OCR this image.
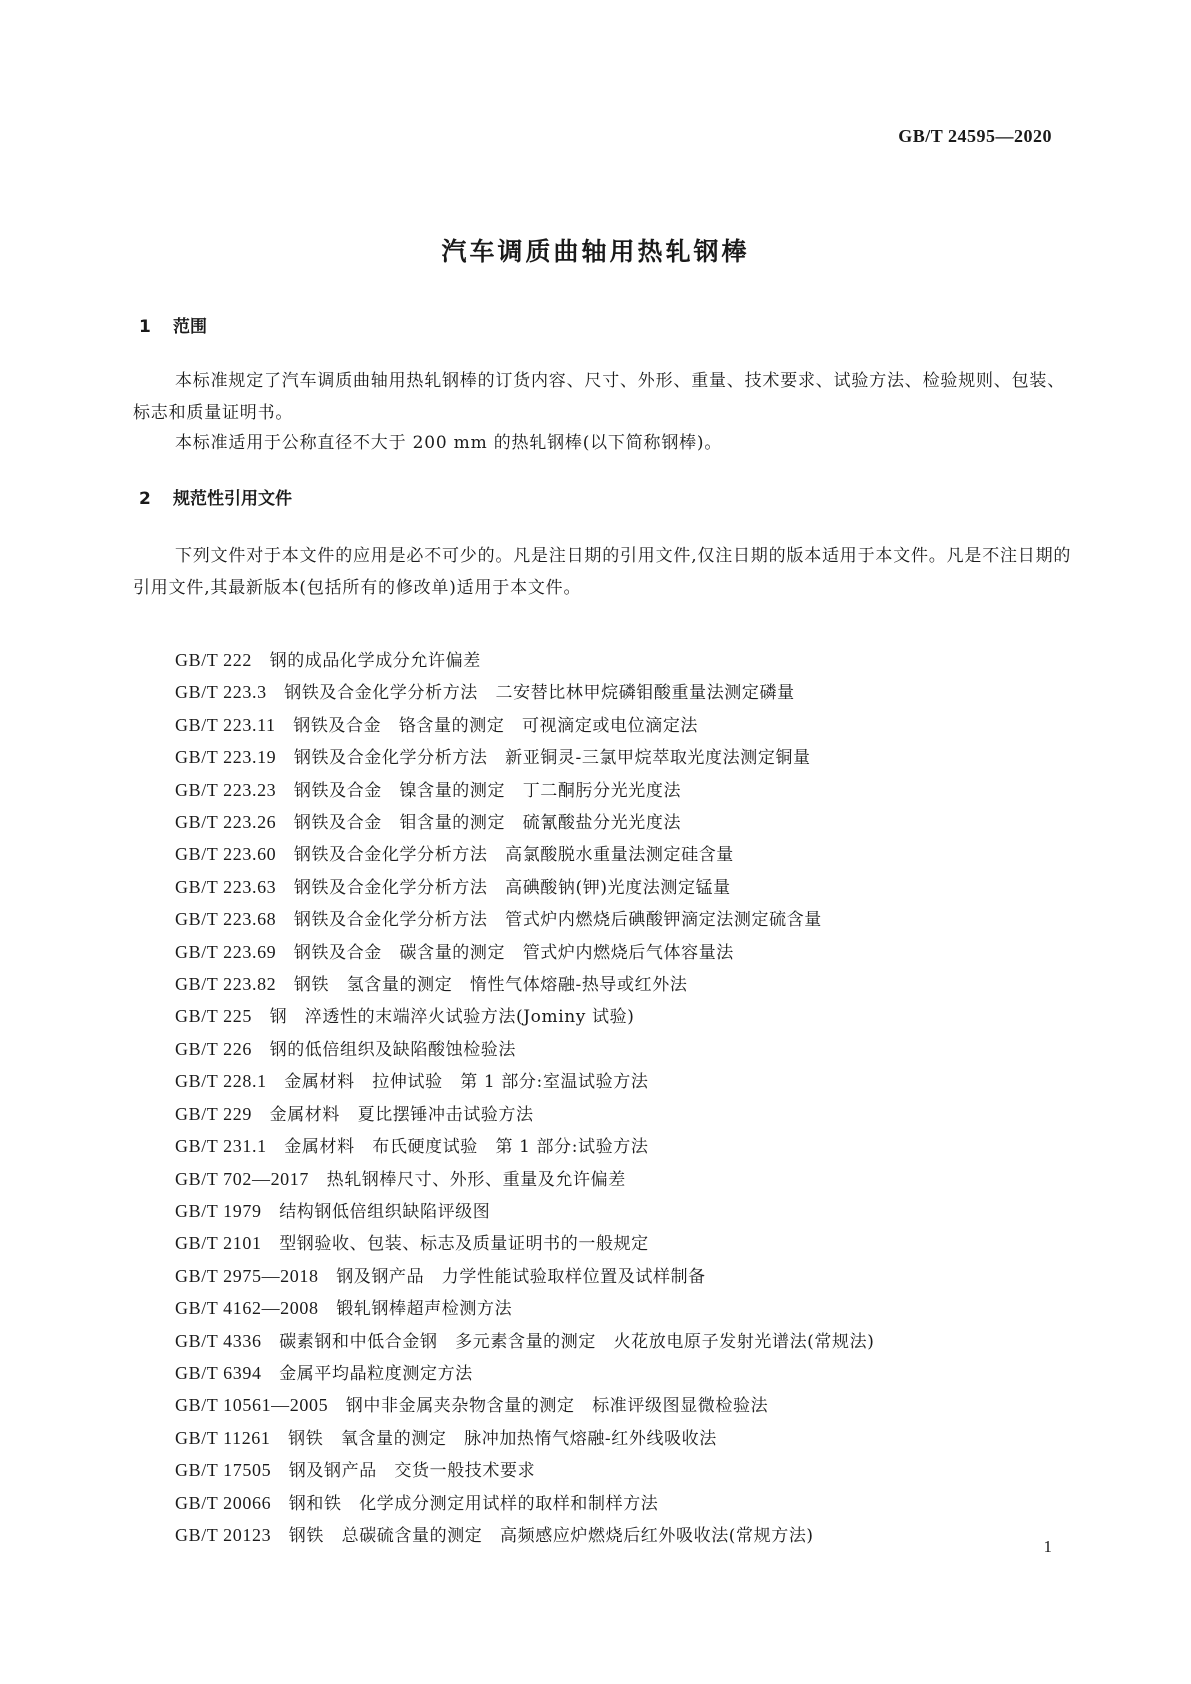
GB/T 24595—2020
汽车调质曲轴用热轧钢棒
1 范围
本标准规定了汽车调质曲轴用热轧钢棒的订货内容、尺寸、外形、重量、技术要求、试验方法、检验规则、包装、标志和质量证明书。
本标准适用于公称直径不大于 200 mm 的热轧钢棒(以下简称钢棒)。
2 规范性引用文件
下列文件对于本文件的应用是必不可少的。凡是注日期的引用文件,仅注日期的版本适用于本文件。凡是不注日期的引用文件,其最新版本(包括所有的修改单)适用于本文件。
GB/T 222  钢的成品化学成分允许偏差
GB/T 223.3  钢铁及合金化学分析方法　二安替比林甲烷磷钼酸重量法测定磷量
GB/T 223.11  钢铁及合金　铬含量的测定　可视滴定或电位滴定法
GB/T 223.19  钢铁及合金化学分析方法　新亚铜灵-三氯甲烷萃取光度法测定铜量
GB/T 223.23  钢铁及合金　镍含量的测定　丁二酮肟分光光度法
GB/T 223.26  钢铁及合金　钼含量的测定　硫氰酸盐分光光度法
GB/T 223.60  钢铁及合金化学分析方法　高氯酸脱水重量法测定硅含量
GB/T 223.63  钢铁及合金化学分析方法　高碘酸钠(钾)光度法测定锰量
GB/T 223.68  钢铁及合金化学分析方法　管式炉内燃烧后碘酸钾滴定法测定硫含量
GB/T 223.69  钢铁及合金　碳含量的测定　管式炉内燃烧后气体容量法
GB/T 223.82  钢铁　氢含量的测定　惰性气体熔融-热导或红外法
GB/T 225  钢　淬透性的末端淬火试验方法(Jominy 试验)
GB/T 226  钢的低倍组织及缺陷酸蚀检验法
GB/T 228.1  金属材料　拉伸试验　第 1 部分:室温试验方法
GB/T 229  金属材料　夏比摆锤冲击试验方法
GB/T 231.1  金属材料　布氏硬度试验　第 1 部分:试验方法
GB/T 702—2017  热轧钢棒尺寸、外形、重量及允许偏差
GB/T 1979  结构钢低倍组织缺陷评级图
GB/T 2101  型钢验收、包装、标志及质量证明书的一般规定
GB/T 2975—2018  钢及钢产品　力学性能试验取样位置及试样制备
GB/T 4162—2008  锻轧钢棒超声检测方法
GB/T 4336  碳素钢和中低合金钢　多元素含量的测定　火花放电原子发射光谱法(常规法)
GB/T 6394  金属平均晶粒度测定方法
GB/T 10561—2005  钢中非金属夹杂物含量的测定　标准评级图显微检验法
GB/T 11261  钢铁　氧含量的测定　脉冲加热惰气熔融-红外线吸收法
GB/T 17505  钢及钢产品　交货一般技术要求
GB/T 20066  钢和铁　化学成分测定用试样的取样和制样方法
GB/T 20123  钢铁　总碳硫含量的测定　高频感应炉燃烧后红外吸收法(常规方法)
1
